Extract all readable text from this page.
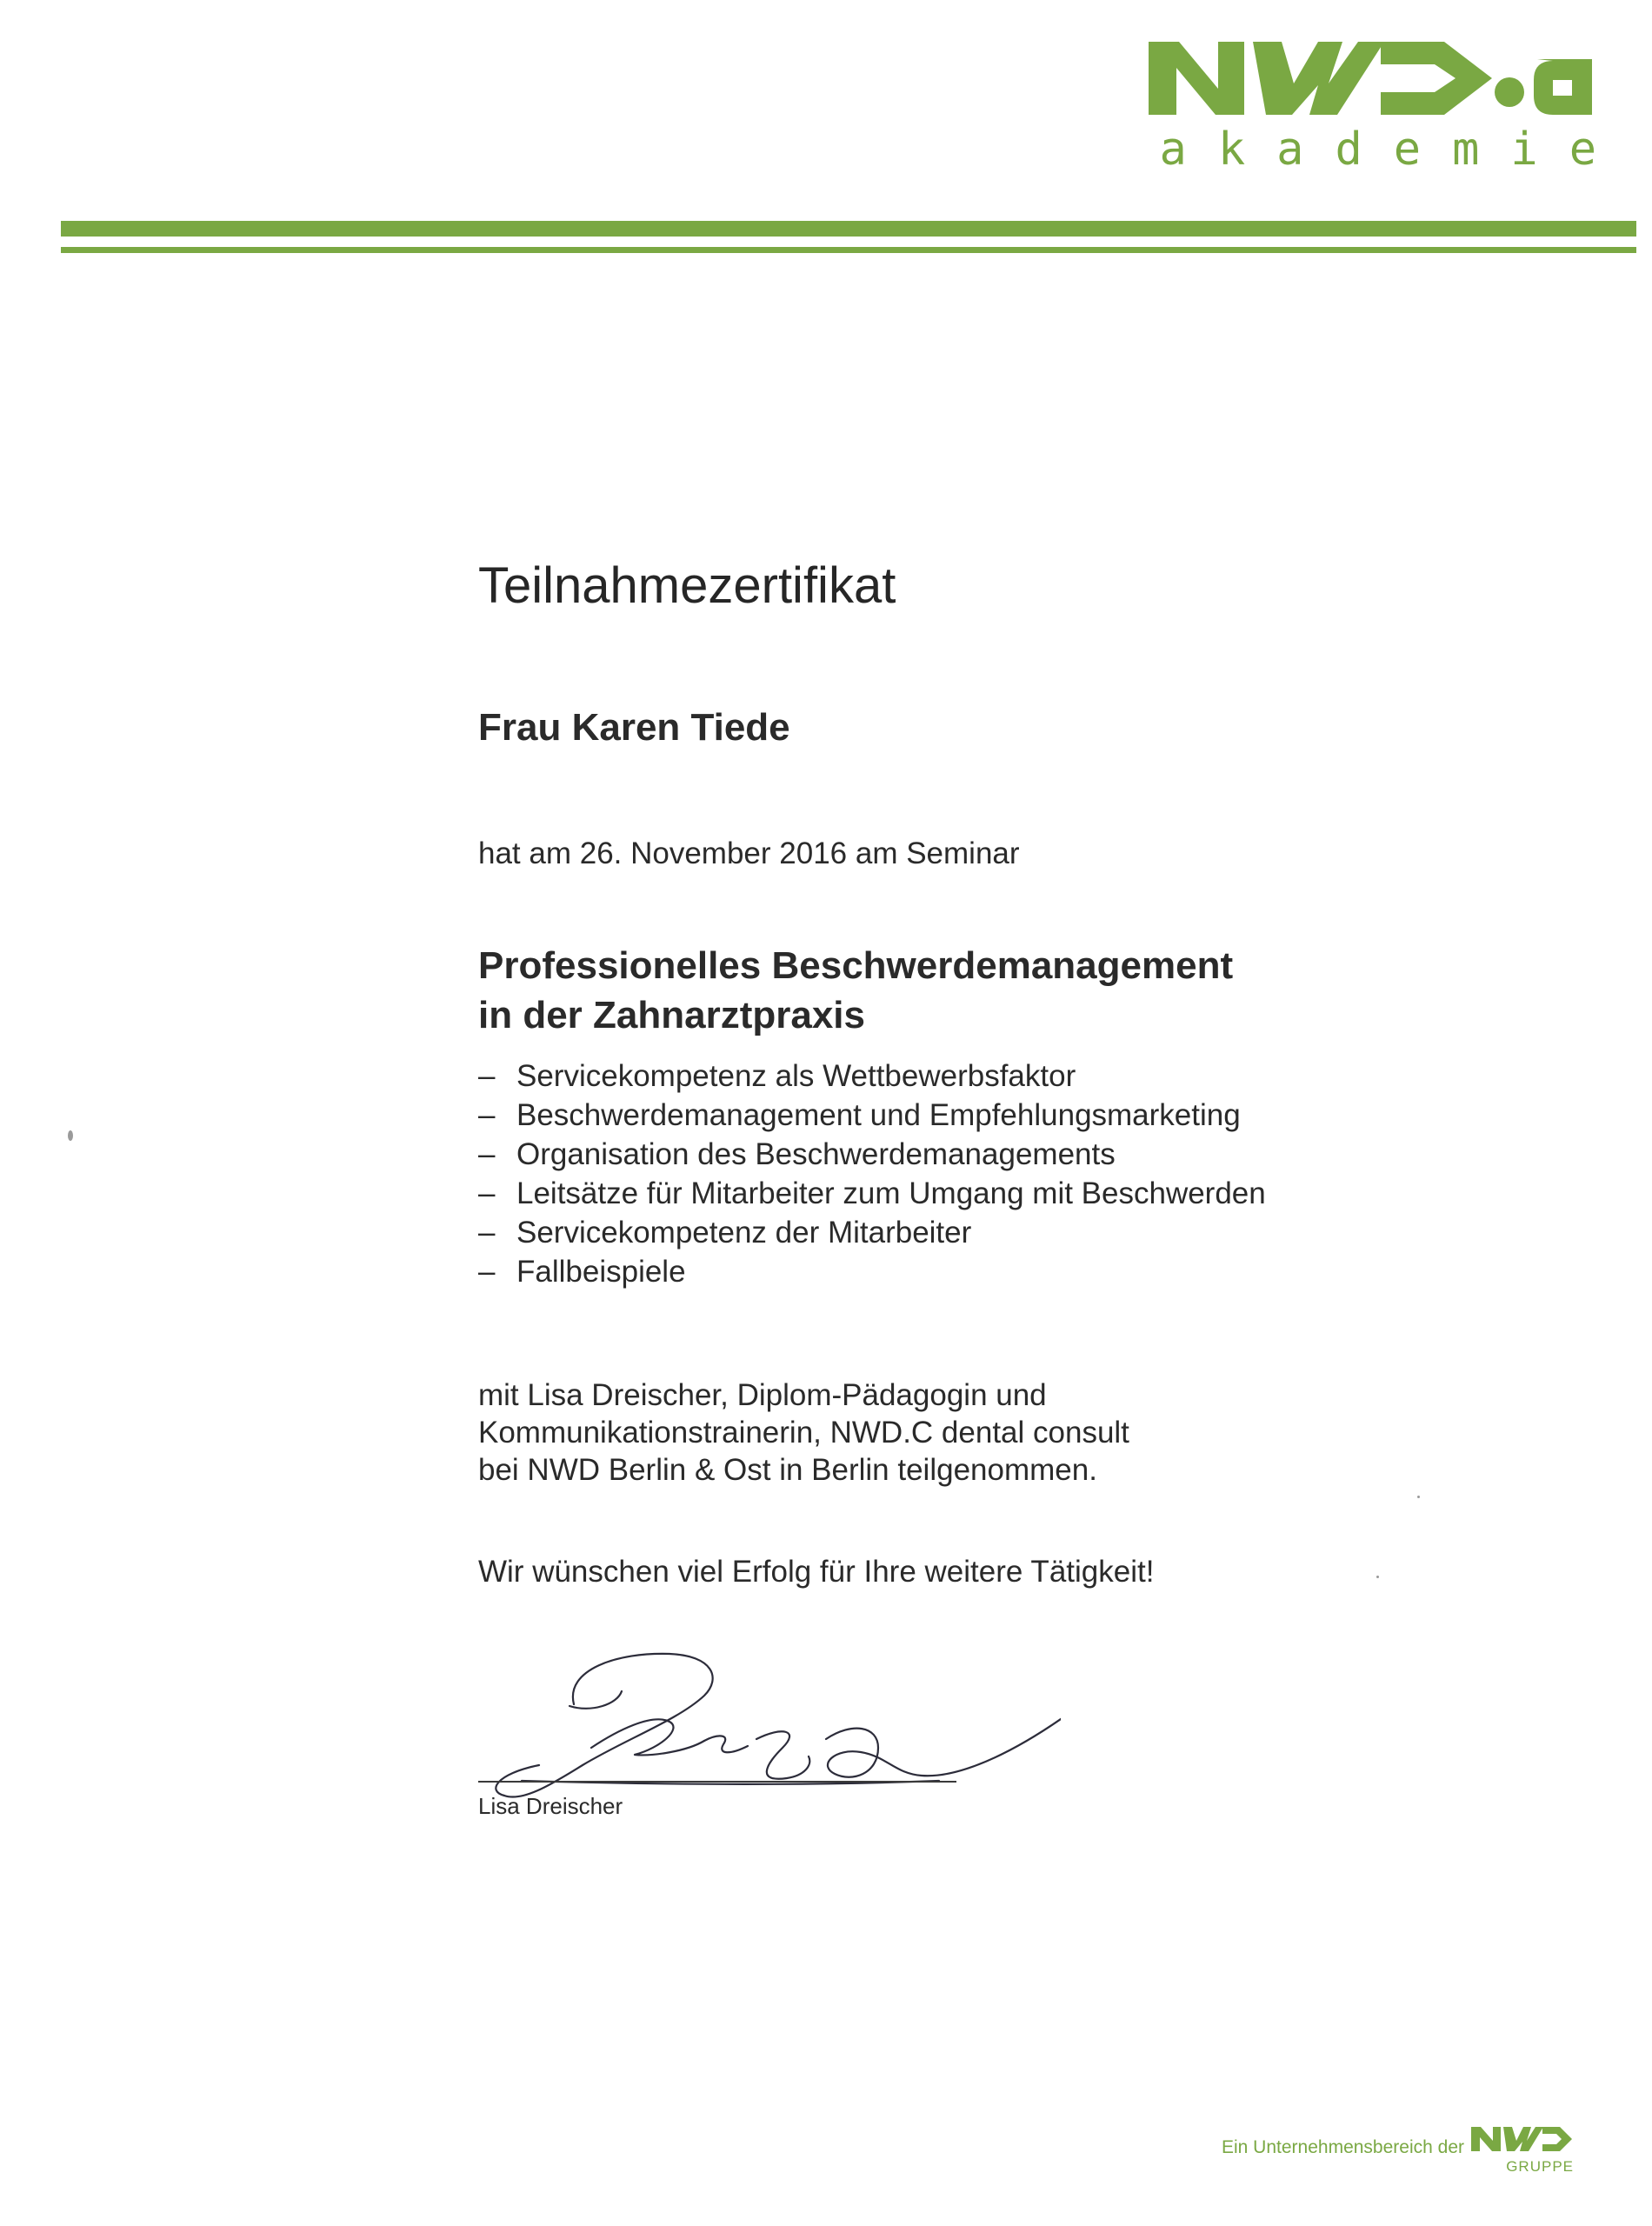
akademie
Teilnahmezertifikat
Frau Karen Tiede
hat am 26. November 2016 am Seminar
Professionelles Beschwerdemanagement
in der Zahnarztpraxis
– Servicekompetenz als Wettbewerbsfaktor
– Beschwerdemanagement und Empfehlungsmarketing
– Organisation des Beschwerdemanagements
– Leitsätze für Mitarbeiter zum Umgang mit Beschwerden
– Servicekompetenz der Mitarbeiter
– Fallbeispiele
mit Lisa Dreischer, Diplom-Pädagogin und
Kommunikationstrainerin, NWD.C dental consult
bei NWD Berlin & Ost in Berlin teilgenommen.
Wir wünschen viel Erfolg für Ihre weitere Tätigkeit!
Lisa Dreischer
Ein Unternehmensbereich der
GRUPPE
